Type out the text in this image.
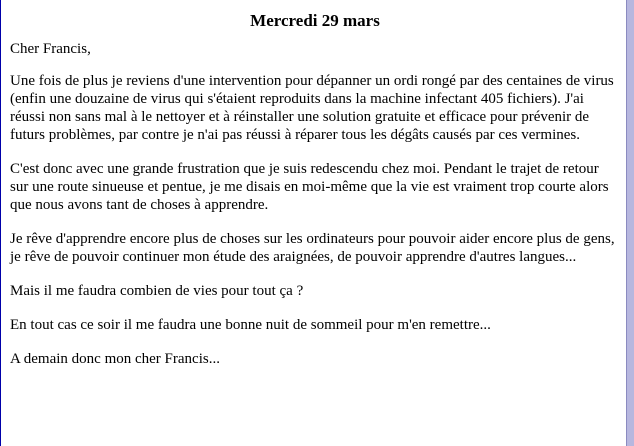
Mercredi 29 mars

Cher Francis,

Une fois de plus je reviens d'une intervention pour dépanner un ordi rongé par des centaines de virus (enfin une douzaine de virus qui s'étaient reproduits dans la machine infectant 405 fichiers). J'ai réussi non sans mal à le nettoyer et à réinstaller une solution gratuite et efficace pour prévenir de futurs problèmes, par contre je n'ai pas réussi à réparer tous les dégâts causés par ces vermines.

C'est donc avec une grande frustration que je suis redescendu chez moi. Pendant le trajet de retour sur une route sinueuse et pentue, je me disais en moi-même que la vie est vraiment trop courte alors que nous avons tant de choses à apprendre.

Je rêve d'apprendre encore plus de choses sur les ordinateurs pour pouvoir aider encore plus de gens, je rêve de pouvoir continuer mon étude des araignées, de pouvoir apprendre d'autres langues...

Mais il me faudra combien de vies pour tout ça ?

En tout cas ce soir il me faudra une bonne nuit de sommeil pour m'en remettre...

A demain donc mon cher Francis...
